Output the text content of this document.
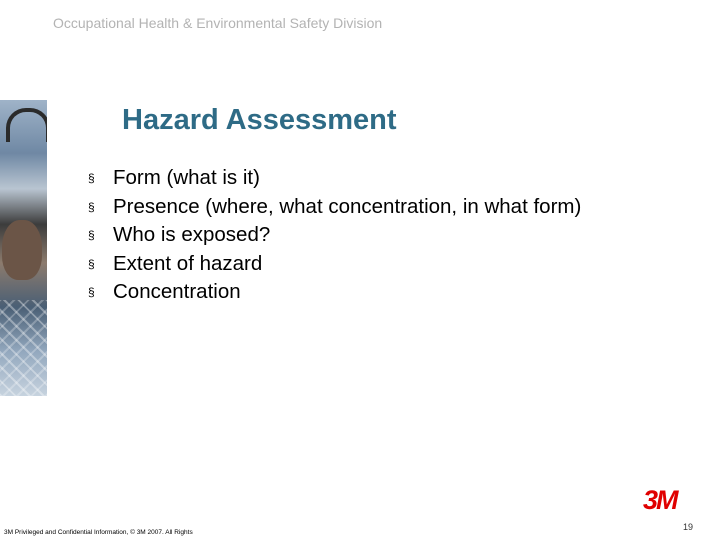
Occupational Health & Environmental Safety Division
Hazard Assessment
§ Form (what is it)
§ Presence (where, what concentration, in what form)
§ Who is exposed?
§ Extent of hazard
§ Concentration
3M
3M Privileged and Confidential Information, © 3M 2007. All Rights
19
